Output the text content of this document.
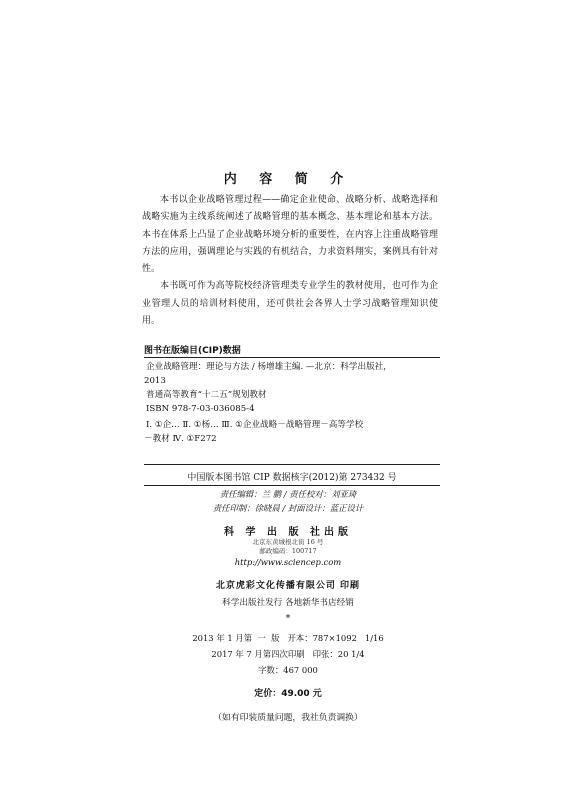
内 容 简 介

本书以企业战略管理过程——确定企业使命、战略分析、战略选择和战略实施为主线系统阐述了战略管理的基本概念、基本理论和基本方法。本书在体系上凸显了企业战略环境分析的重要性，在内容上注重战略管理方法的应用，强调理论与实践的有机结合，力求资料翔实，案例具有针对性。

本书既可作为高等院校经济管理类专业学生的教材使用，也可作为企业管理人员的培训材料使用，还可供社会各界人士学习战略管理知识使用。

图书在版编目(CIP)数据
企业战略管理：理论与方法 / 杨增雄主编. —北京：科学出版社，
2013
普通高等教育“十二五”规划教材
ISBN 978-7-03-036085-4
Ⅰ. ①企… Ⅱ. ①杨… Ⅲ. ①企业战略－战略管理－高等学校
－教材 Ⅳ. ①F272
中国版本图书馆 CIP 数据核字(2012)第 273432 号
责任编辑：兰 鹏 / 责任校对：刘亚琦
责任印制：徐晓晨 / 封面设计：蓝正设计
科 学 出 版 社出版
北京东黄城根北街 16 号
邮政编码：100717
http://www.sciencep.com
北京虎彩文化传播有限公司 印刷
科学出版社发行 各地新华书店经销
*
2013 年 1 月第  一  版   开本：787×1092   1/16
2017 年 7 月第四次印刷   印张：20 1/4
字数：467 000
定价：49.00 元
（如有印装质量问题，我社负责调换）
